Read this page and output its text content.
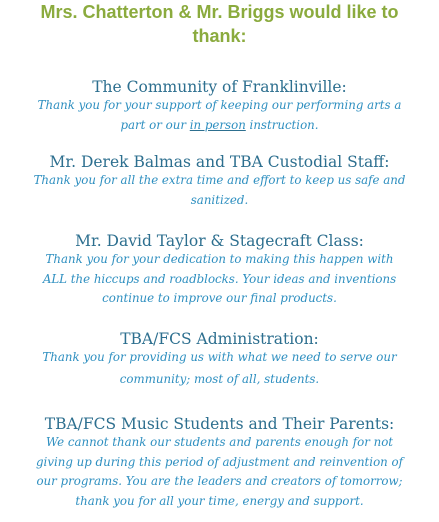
Mrs. Chatterton & Mr. Briggs would like to
thank:
The Community of Franklinville:
Thank you for your support of keeping our performing arts a
part or our in person instruction.
Mr. Derek Balmas and TBA Custodial Staff:
Thank you for all the extra time and effort to keep us safe and
sanitized.
Mr. David Taylor & Stagecraft Class:
Thank you for your dedication to making this happen with
ALL the hiccups and roadblocks. Your ideas and inventions
continue to improve our final products.
TBA/FCS Administration:
Thank you for providing us with what we need to serve our
community; most of all, students.
TBA/FCS Music Students and Their Parents:
We cannot thank our students and parents enough for not
giving up during this period of adjustment and reinvention of
our programs. You are the leaders and creators of tomorrow;
thank you for all your time, energy and support.
